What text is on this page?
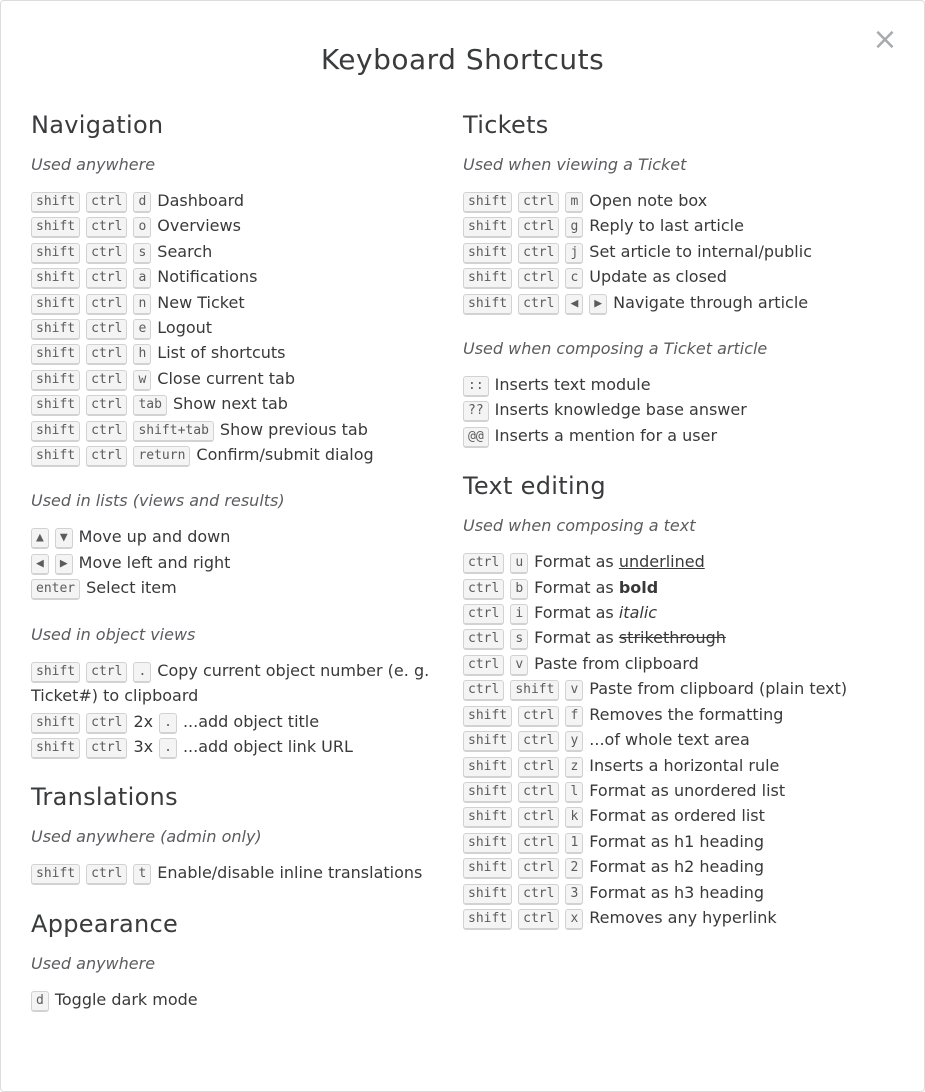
Keyboard Shortcuts
×
Navigation

Used anywhere

shift ctrl d Dashboard
shift ctrl o Overviews
shift ctrl s Search
shift ctrl a Notifications
shift ctrl n New Ticket
shift ctrl e Logout
shift ctrl h List of shortcuts
shift ctrl w Close current tab
shift ctrl tab Show next tab
shift ctrl shift+tab Show previous tab
shift ctrl return Confirm/submit dialog

Used in lists (views and results)

▲ ▼ Move up and down
◀ ▶ Move left and right
enter Select item

Used in object views

shift ctrl . Copy current object number (e. g. Ticket#) to clipboard
shift ctrl 2x . ...add object title
shift ctrl 3x . ...add object link URL
Translations

Used anywhere (admin only)

shift ctrl t Enable/disable inline translations
Appearance

Used anywhere

d Toggle dark mode
Tickets

Used when viewing a Ticket

shift ctrl m Open note box
shift ctrl g Reply to last article
shift ctrl j Set article to internal/public
shift ctrl c Update as closed
shift ctrl ◀ ▶ Navigate through article

Used when composing a Ticket article

:: Inserts text module
?? Inserts knowledge base answer
@@ Inserts a mention for a user
Text editing

Used when composing a text

ctrl u Format as underlined
ctrl b Format as bold
ctrl i Format as italic
ctrl s Format as strikethrough
ctrl v Paste from clipboard
ctrl shift v Paste from clipboard (plain text)
shift ctrl f Removes the formatting
shift ctrl y ...of whole text area
shift ctrl z Inserts a horizontal rule
shift ctrl l Format as unordered list
shift ctrl k Format as ordered list
shift ctrl 1 Format as h1 heading
shift ctrl 2 Format as h2 heading
shift ctrl 3 Format as h3 heading
shift ctrl x Removes any hyperlink
